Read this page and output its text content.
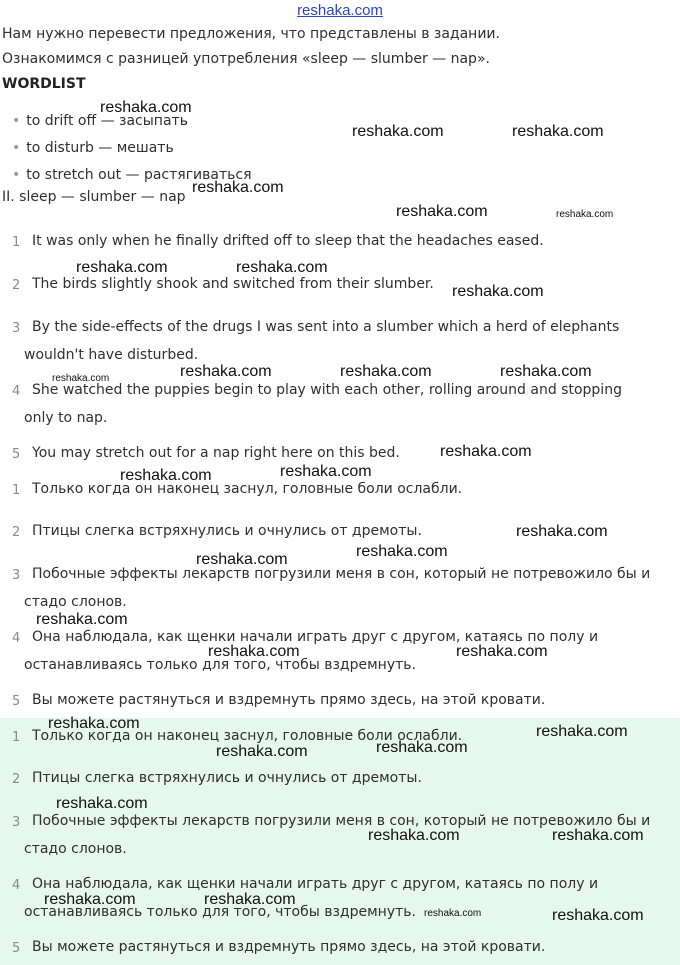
reshaka.com
Нам нужно перевести предложения, что представлены в задании.
Ознакомимся с разницей употребления «sleep — slumber — nap».
WORDLIST
• to drift off — засыпать
• to disturb — мешать
• to stretch out — растягиваться
II. sleep — slumber — nap
1 It was only when he finally drifted off to sleep that the headaches eased.
2 The birds slightly shook and switched from their slumber.
3 By the side-effects of the drugs I was sent into a slumber which a herd of elephants
wouldn't have disturbed.
4 She watched the puppies begin to play with each other, rolling around and stopping
only to nap.
5 You may stretch out for a nap right here on this bed.
1 Только когда он наконец заснул, головные боли ослабли.
2 Птицы слегка встряхнулись и очнулись от дремоты.
3 Побочные эффекты лекарств погрузили меня в сон, который не потревожило бы и
стадо слонов.
4 Она наблюдала, как щенки начали играть друг с другом, катаясь по полу и
останавливаясь только для того, чтобы вздремнуть.
5 Вы можете растянуться и вздремнуть прямо здесь, на этой кровати.
1 Только когда он наконец заснул, головные боли ослабли.
2 Птицы слегка встряхнулись и очнулись от дремоты.
3 Побочные эффекты лекарств погрузили меня в сон, который не потревожило бы и
стадо слонов.
4 Она наблюдала, как щенки начали играть друг с другом, катаясь по полу и
останавливаясь только для того, чтобы вздремнуть.
5 Вы можете растянуться и вздремнуть прямо здесь, на этой кровати.
reshaka.com
reshaka.com	reshaka.com
reshaka.com
reshaka.com	reshaka.com
reshaka.com	reshaka.com
reshaka.com
reshaka.com	reshaka.com	reshaka.com	reshaka.com
reshaka.com
reshaka.com	reshaka.com
reshaka.com
reshaka.com
reshaka.com
reshaka.com
reshaka.com	reshaka.com
reshaka.com	reshaka.com
reshaka.com
reshaka.com
reshaka.com
reshaka.com	reshaka.com
reshaka.com	reshaka.com
reshaka.com	reshaka.com
